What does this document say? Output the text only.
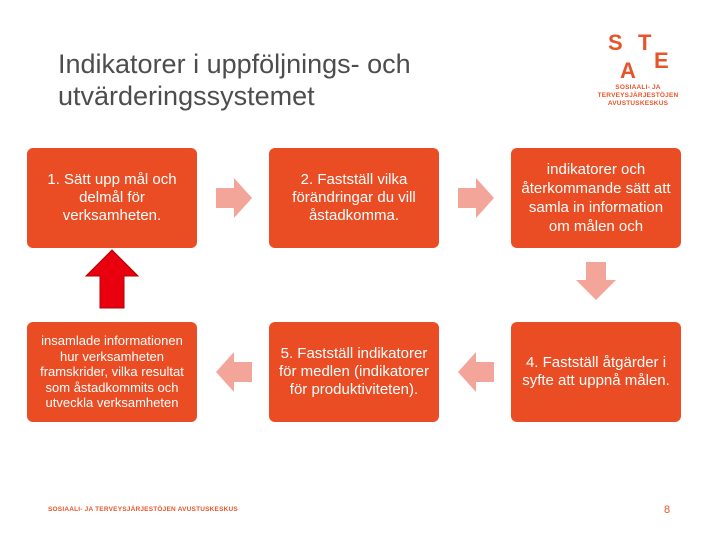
Indikatorer i uppföljnings- och utvärderingssystemet
S T
E
A
SOSIAALI- JA
TERVEYSJÄRJESTÖJEN
AVUSTUSKESKUS
1. Sätt upp mål och delmål för verksamheten.
2. Fastställ vilka förändringar du vill åstadkomma.
indikatorer och återkommande sätt att samla in information om målen och
insamlade informationen hur verksamheten framskrider, vilka resultat som åstadkommits och utveckla verksamheten
5. Fastställ indikatorer för medlen (indikatorer för produktiviteten).
4. Fastställ åtgärder i syfte att uppnå målen.
SOSIAALI- JA TERVEYSJÄRJESTÖJEN AVUSTUSKESKUS	8
